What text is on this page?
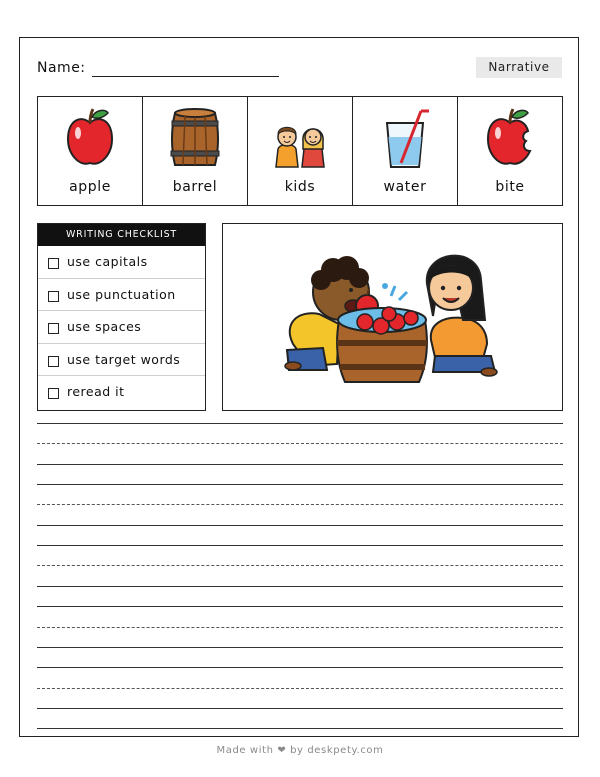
Name:	Narrative
apple	barrel	kids	water	bite
WRITING CHECKLIST
use capitals
use punctuation
use spaces
use target words
reread it
Made with ❤ by deskpety.com
